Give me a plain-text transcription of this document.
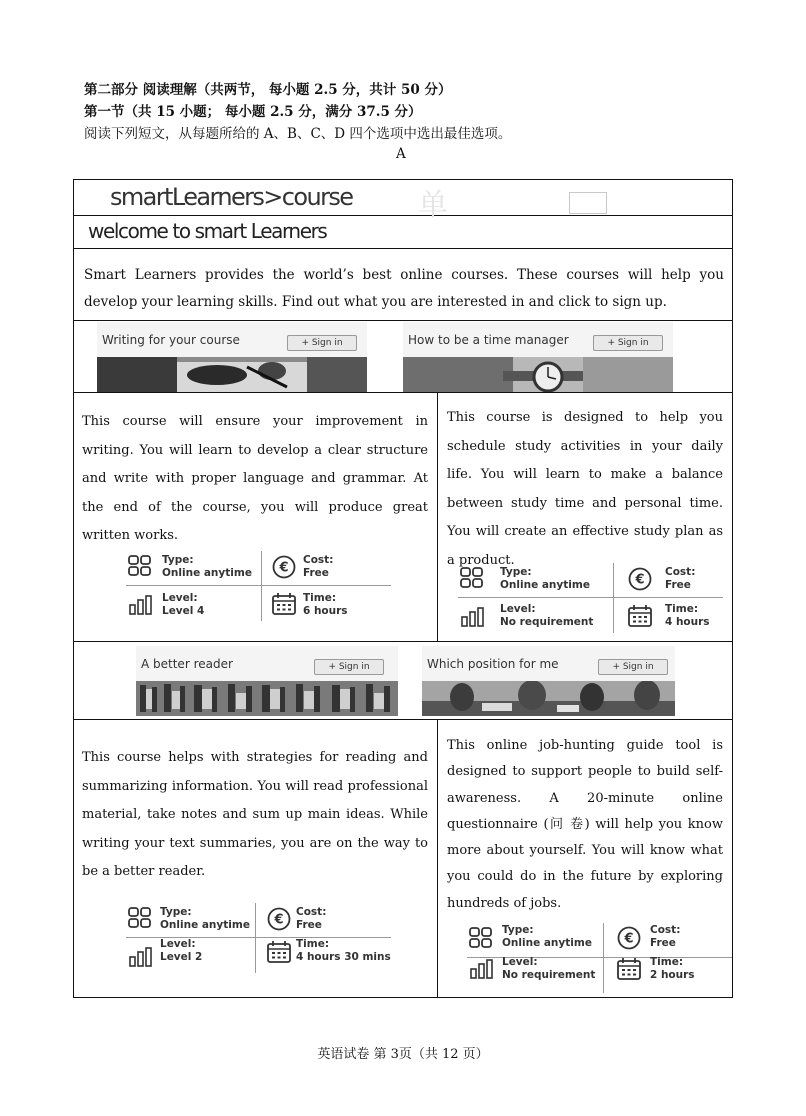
第二部分 阅读理解（共两节， 每小题 2.5 分，共计 50 分）
第一节（共 15 小题； 每小题 2.5 分，满分 37.5 分）
阅读下列短文，从每题所给的 A、B、C、D 四个选项中选出最佳选项。
A
smartLearners>course 单
welcome to smart Learners
Smart Learners provides the world’s best online courses. These courses will help you develop your learning skills. Find out what you are interested in and click to sign up.
Writing for your course	+ Sign in	How to be a time manager	+ Sign in
This course will ensure your improvement in writing. You will learn to develop a clear structure and write with proper language and grammar. At the end of the course, you will produce great written works.
This course is designed to help you schedule study activities in your daily life. You will learn to make a balance between study time and personal time. You will create an effective study plan as a product.
Type:
Online anytime €
Cost:
Free
Level:
Level 4
Time:
6 hours
Type:
Online anytime	€
Cost:
Free
Level:
No requirement
Time:
4 hours
A better reader	+ Sign in	Which position for me	+ Sign in
This course helps with strategies for reading and summarizing information. You will read professional material, take notes and sum up main ideas. While writing your text summaries, you are on the way to be a better reader.
This online job-hunting guide tool is designed to support people to build self-awareness. A 20-minute online questionnaire (问 卷) will help you know more about yourself. You will know what you could do in the future by exploring hundreds of jobs.
Type:
Online anytime €
Cost:
Free
Level:
Level 2
Time:
4 hours 30 mins
Type:
Online anytime	€
Cost:
Free
Level:
No requirement
Time:
2 hours
英语试卷 第 3页（共 12 页）
